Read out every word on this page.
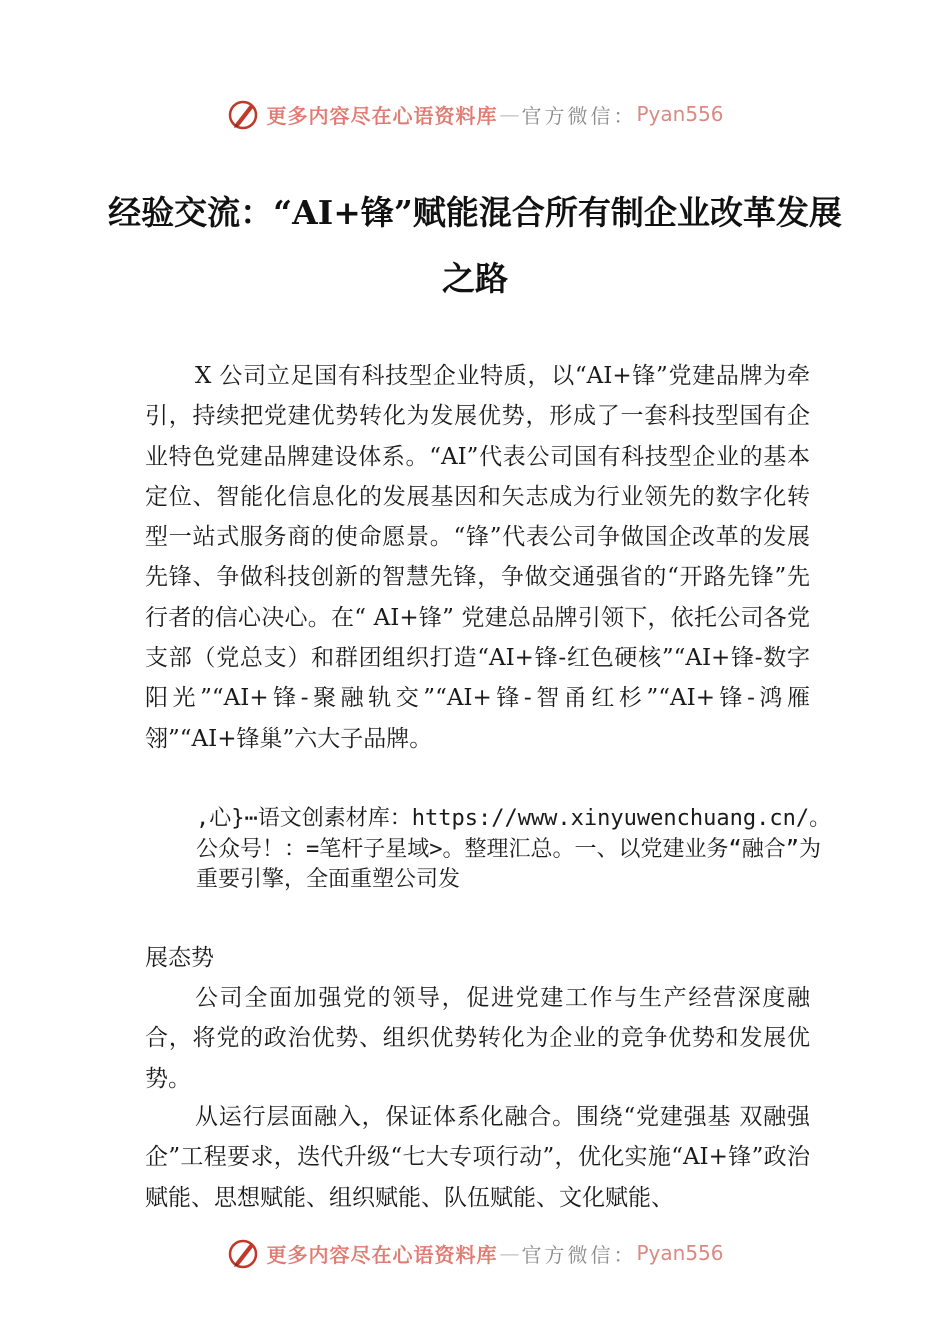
更多内容尽在心语资料库 — 官方微信： Pyan556
经验交流：“AI+锋”赋能混合所有制企业改革发展之路
X 公司立足国有科技型企业特质，以“AI+锋”党建品牌为牵引，持续把党建优势转化为发展优势，形成了一套科技型国有企业特色党建品牌建设体系。“AI”代表公司国有科技型企业的基本定位、智能化信息化的发展基因和矢志成为行业领先的数字化转型一站式服务商的使命愿景。“锋”代表公司争做国企改革的发展先锋、争做科技创新的智慧先锋，争做交通强省的“开路先锋”先行者的信心决心。在“ AI+锋” 党建总品牌引领下，依托公司各党支部（党总支）和群团组织打造“AI+锋-红色硬核”“AI+锋-数字阳光”“AI+锋-聚融轨交”“AI+锋-智甬红杉”“AI+锋-鸿雁翎”“AI+锋巢”六大子品牌。
,心}⋯语文创素材库：https://www.xinyuwenchuang.cn/。公众号！：=笔杆子星域>。整理汇总。一、以党建业务“融合”为重要引擎，全面重塑公司发
展态势
公司全面加强党的领导，促进党建工作与生产经营深度融合，将党的政治优势、组织优势转化为企业的竞争优势和发展优势。
从运行层面融入，保证体系化融合。围绕“党建强基 双融强企”工程要求，迭代升级“七大专项行动”，优化实施“AI+锋”政治赋能、思想赋能、组织赋能、队伍赋能、文化赋能、
更多内容尽在心语资料库 — 官方微信： Pyan556
